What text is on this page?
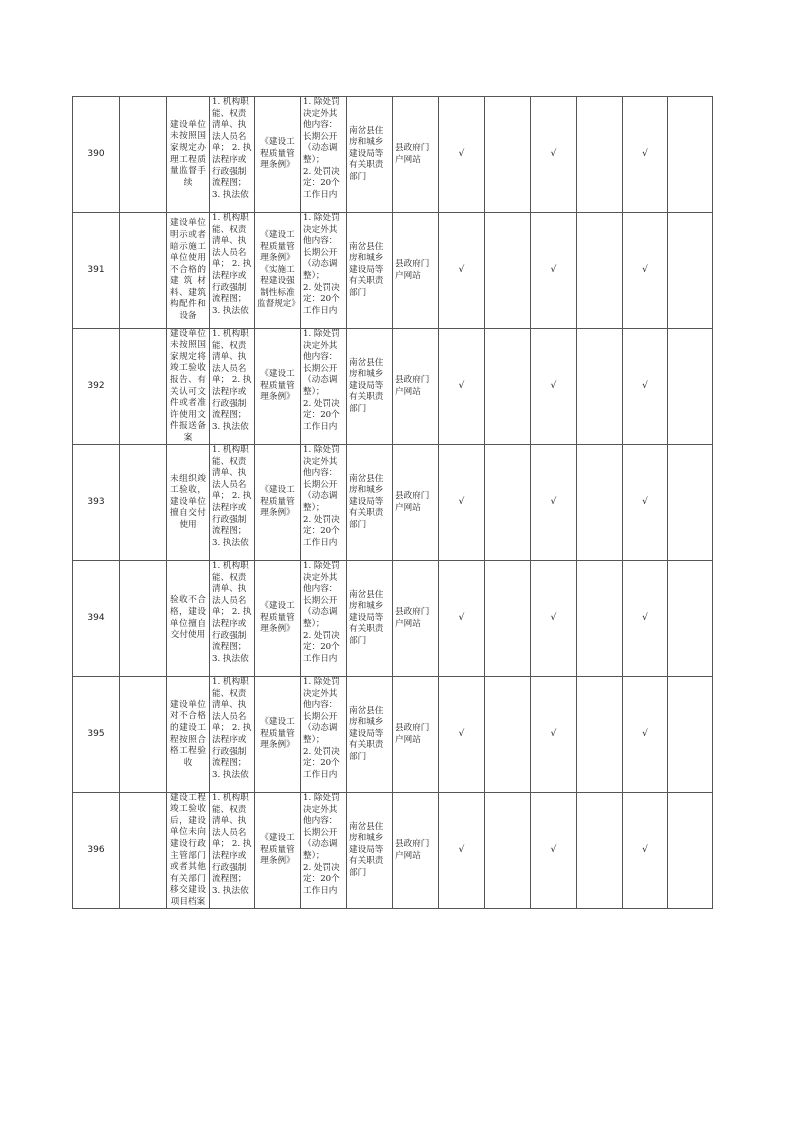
390		建设单位未按照国家规定办理工程质量监督手续	1. 机构职能、权责清单、执法人员名单； 2. 执法程序或行政强制流程图； 3. 执法依	《建设工程质量管理条例》	1. 除处罚决定外其他内容：长期公开（动态调整）；
2. 处罚决定：20个工作日内	南岔县住房和城乡建设局等有关职责部门	县政府门户网站	√		√		√		

391		建设单位明示或者暗示施工单位使用不合格的建筑材料、建筑构配件和设备	1. 机构职能、权责清单、执法人员名单； 2. 执法程序或行政强制流程图； 3. 执法依	《建设工程质量管理条例》
《实施工程建设强制性标准监督规定》	1. 除处罚决定外其他内容：长期公开（动态调整）；
2. 处罚决定：20个工作日内	南岔县住房和城乡建设局等有关职责部门	县政府门户网站	√		√		√		

392		建设单位未按照国家规定将竣工验收报告、有关认可文件或者准许使用文件报送备案	1. 机构职能、权责清单、执法人员名单； 2. 执法程序或行政强制流程图； 3. 执法依	《建设工程质量管理条例》	1. 除处罚决定外其他内容：长期公开（动态调整）；
2. 处罚决定：20个工作日内	南岔县住房和城乡建设局等有关职责部门	县政府门户网站	√		√		√		

393		未组织竣工验收，建设单位擅自交付使用	1. 机构职能、权责清单、执法人员名单； 2. 执法程序或行政强制流程图； 3. 执法依	《建设工程质量管理条例》	1. 除处罚决定外其他内容：长期公开（动态调整）；
2. 处罚决定：20个工作日内	南岔县住房和城乡建设局等有关职责部门	县政府门户网站	√		√		√		

394		验收不合格，建设单位擅自交付使用	1. 机构职能、权责清单、执法人员名单； 2. 执法程序或行政强制流程图； 3. 执法依	《建设工程质量管理条例》	1. 除处罚决定外其他内容：长期公开（动态调整）；
2. 处罚决定：20个工作日内	南岔县住房和城乡建设局等有关职责部门	县政府门户网站	√		√		√		

395		建设单位对不合格的建设工程按照合格工程验收	1. 机构职能、权责清单、执法人员名单； 2. 执法程序或行政强制流程图； 3. 执法依	《建设工程质量管理条例》	1. 除处罚决定外其他内容：长期公开（动态调整）；
2. 处罚决定：20个工作日内	南岔县住房和城乡建设局等有关职责部门	县政府门户网站	√		√		√		

396		建设工程竣工验收后，建设单位未向建设行政主管部门或者其他有关部门移交建设项目档案	1. 机构职能、权责清单、执法人员名单； 2. 执法程序或行政强制流程图； 3. 执法依	《建设工程质量管理条例》	1. 除处罚决定外其他内容：长期公开（动态调整）；
2. 处罚决定：20个工作日内	南岔县住房和城乡建设局等有关职责部门	县政府门户网站	√		√		√		
